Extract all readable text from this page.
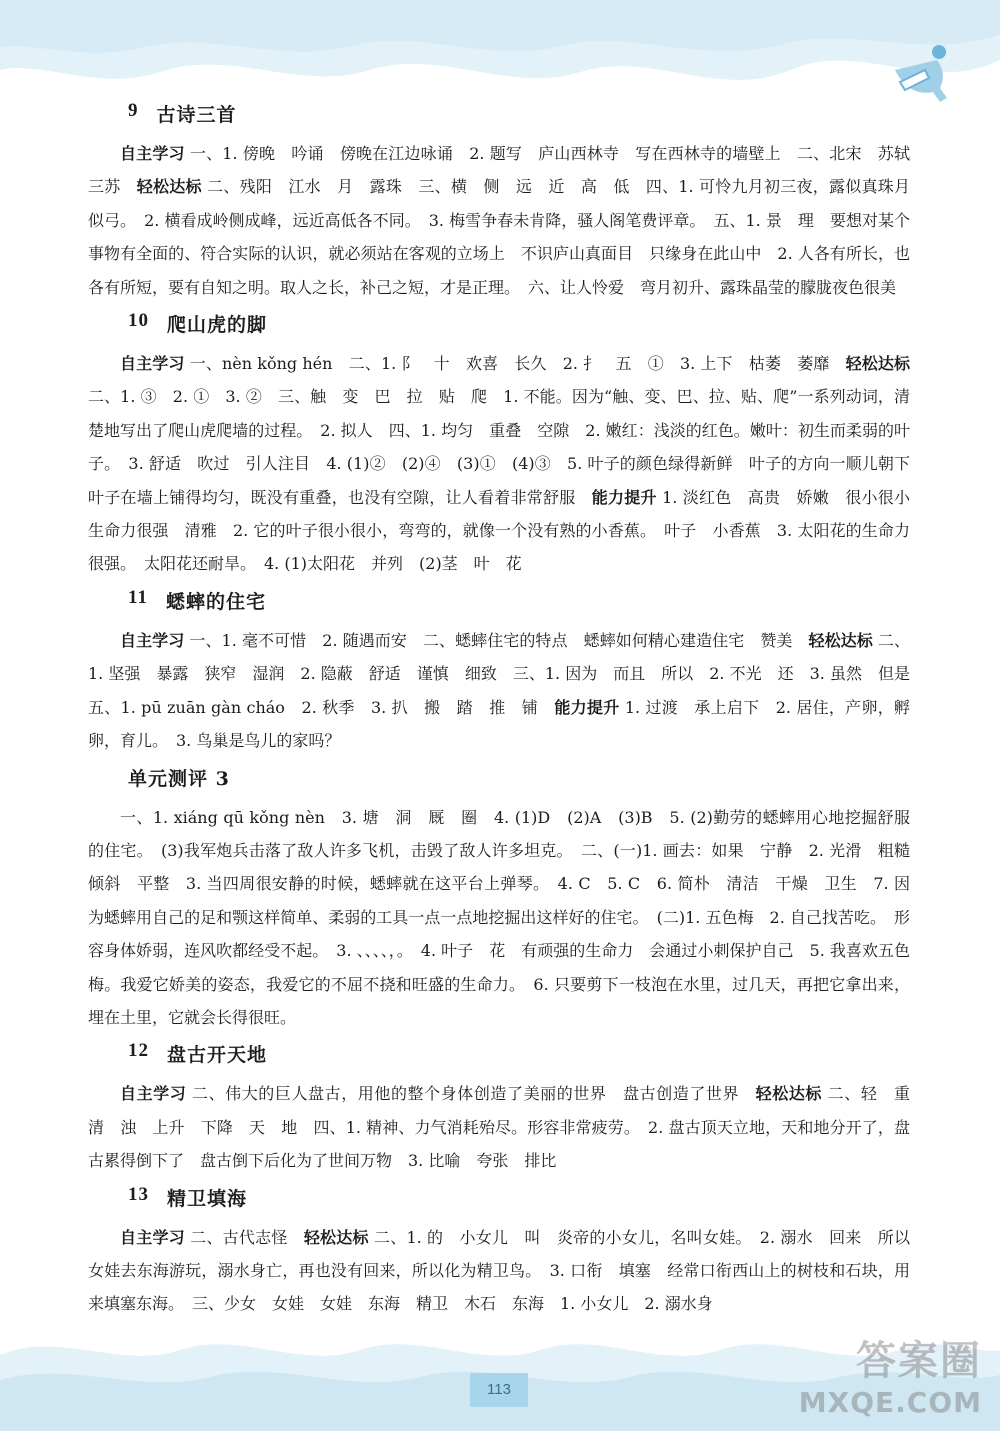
9 古诗三首
自主学习 一、1. 傍晚　吟诵　傍晚在江边咏诵　2. 题写　庐山西林寺　写在西林寺的墙壁上　二、北宋　苏轼　三苏　轻松达标 二、残阳　江水　月　露珠　三、横　侧　远　近　高　低　四、1. 可怜九月初三夜，露似真珠月似弓。　2. 横看成岭侧成峰，远近高低各不同。　3. 梅雪争春未肯降，骚人阁笔费评章。　五、1. 景　理　要想对某个事物有全面的、符合实际的认识，就必须站在客观的立场上　不识庐山真面目　只缘身在此山中　2. 人各有所长，也各有所短，要有自知之明。取人之长，补己之短，才是正理。　六、让人怜爱　弯月初升、露珠晶莹的朦胧夜色很美
10 爬山虎的脚
自主学习 一、nèn kǒng hén　二、1. 阝　十　欢喜　长久　2. 扌　五　①　3. 上下　枯萎　萎靡　轻松达标 二、1. ③　2. ①　3. ②　三、触　变　巴　拉　贴　爬　1. 不能。因为“触、变、巴、拉、贴、爬”一系列动词，清楚地写出了爬山虎爬墙的过程。　2. 拟人　四、1. 均匀　重叠　空隙　2. 嫩红：浅淡的红色。嫩叶：初生而柔弱的叶子。　3. 舒适　吹过　引人注目　4. (1)②　(2)④　(3)①　(4)③　5. 叶子的颜色绿得新鲜　叶子的方向一顺儿朝下　叶子在墙上铺得均匀，既没有重叠，也没有空隙，让人看着非常舒服　能力提升 1. 淡红色　高贵　娇嫩　很小很小　生命力很强　清雅　2. 它的叶子很小很小，弯弯的，就像一个没有熟的小香蕉。　叶子　小香蕉　3. 太阳花的生命力很强。　太阳花还耐旱。　4. (1)太阳花　并列　(2)茎　叶　花
11 蟋蟀的住宅
自主学习 一、1. 毫不可惜　2. 随遇而安　二、蟋蟀住宅的特点　蟋蟀如何精心建造住宅　赞美　轻松达标 二、1. 坚强　暴露　狭窄　湿润　2. 隐蔽　舒适　谨慎　细致　三、1. 因为　而且　所以　2. 不光　还　3. 虽然　但是　五、1. pū zuān gàn cháo　2. 秋季　3. 扒　搬　踏　推　铺　能力提升 1. 过渡　承上启下　2. 居住，产卵，孵卵，育儿。　3. 鸟巢是鸟儿的家吗？
单元测评 3
一、1. xiáng qū kǒng nèn　3. 塘　洞　厩　圈　4. (1)D　(2)A　(3)B　5. (2)勤劳的蟋蟀用心地挖掘舒服的住宅。　(3)我军炮兵击落了敌人许多飞机，击毁了敌人许多坦克。　二、(一)1. 画去：如果　宁静　2. 光滑　粗糙　倾斜　平整　3. 当四周很安静的时候，蟋蟀就在这平台上弹琴。　4. C　5. C　6. 简朴　清洁　干燥　卫生　7. 因为蟋蟀用自己的足和颚这样简单、柔弱的工具一点一点地挖掘出这样好的住宅。　(二)1. 五色梅　2. 自己找苦吃。　形容身体娇弱，连风吹都经受不起。　3. 、、、、，。　4. 叶子　花　有顽强的生命力　会通过小刺保护自己　5. 我喜欢五色梅。我爱它娇美的姿态，我爱它的不屈不挠和旺盛的生命力。　6. 只要剪下一枝泡在水里，过几天，再把它拿出来，埋在土里，它就会长得很旺。
12 盘古开天地
自主学习 二、伟大的巨人盘古，用他的整个身体创造了美丽的世界　盘古创造了世界　轻松达标 二、轻　重　清　浊　上升　下降　天　地　四、1. 精神、力气消耗殆尽。形容非常疲劳。　2. 盘古顶天立地，天和地分开了，盘古累得倒下了　盘古倒下后化为了世间万物　3. 比喻　夸张　排比
13 精卫填海
自主学习 二、古代志怪　轻松达标 二、1. 的　小女儿　叫　炎帝的小女儿，名叫女娃。　2. 溺水　回来　所以　女娃去东海游玩，溺水身亡，再也没有回来，所以化为精卫鸟。　3. 口衔　填塞　经常口衔西山上的树枝和石块，用来填塞东海。　三、少女　女娃　女娃　东海　精卫　木石　东海　1. 小女儿　2. 溺水身
113
答案圈
MXQE.COM
